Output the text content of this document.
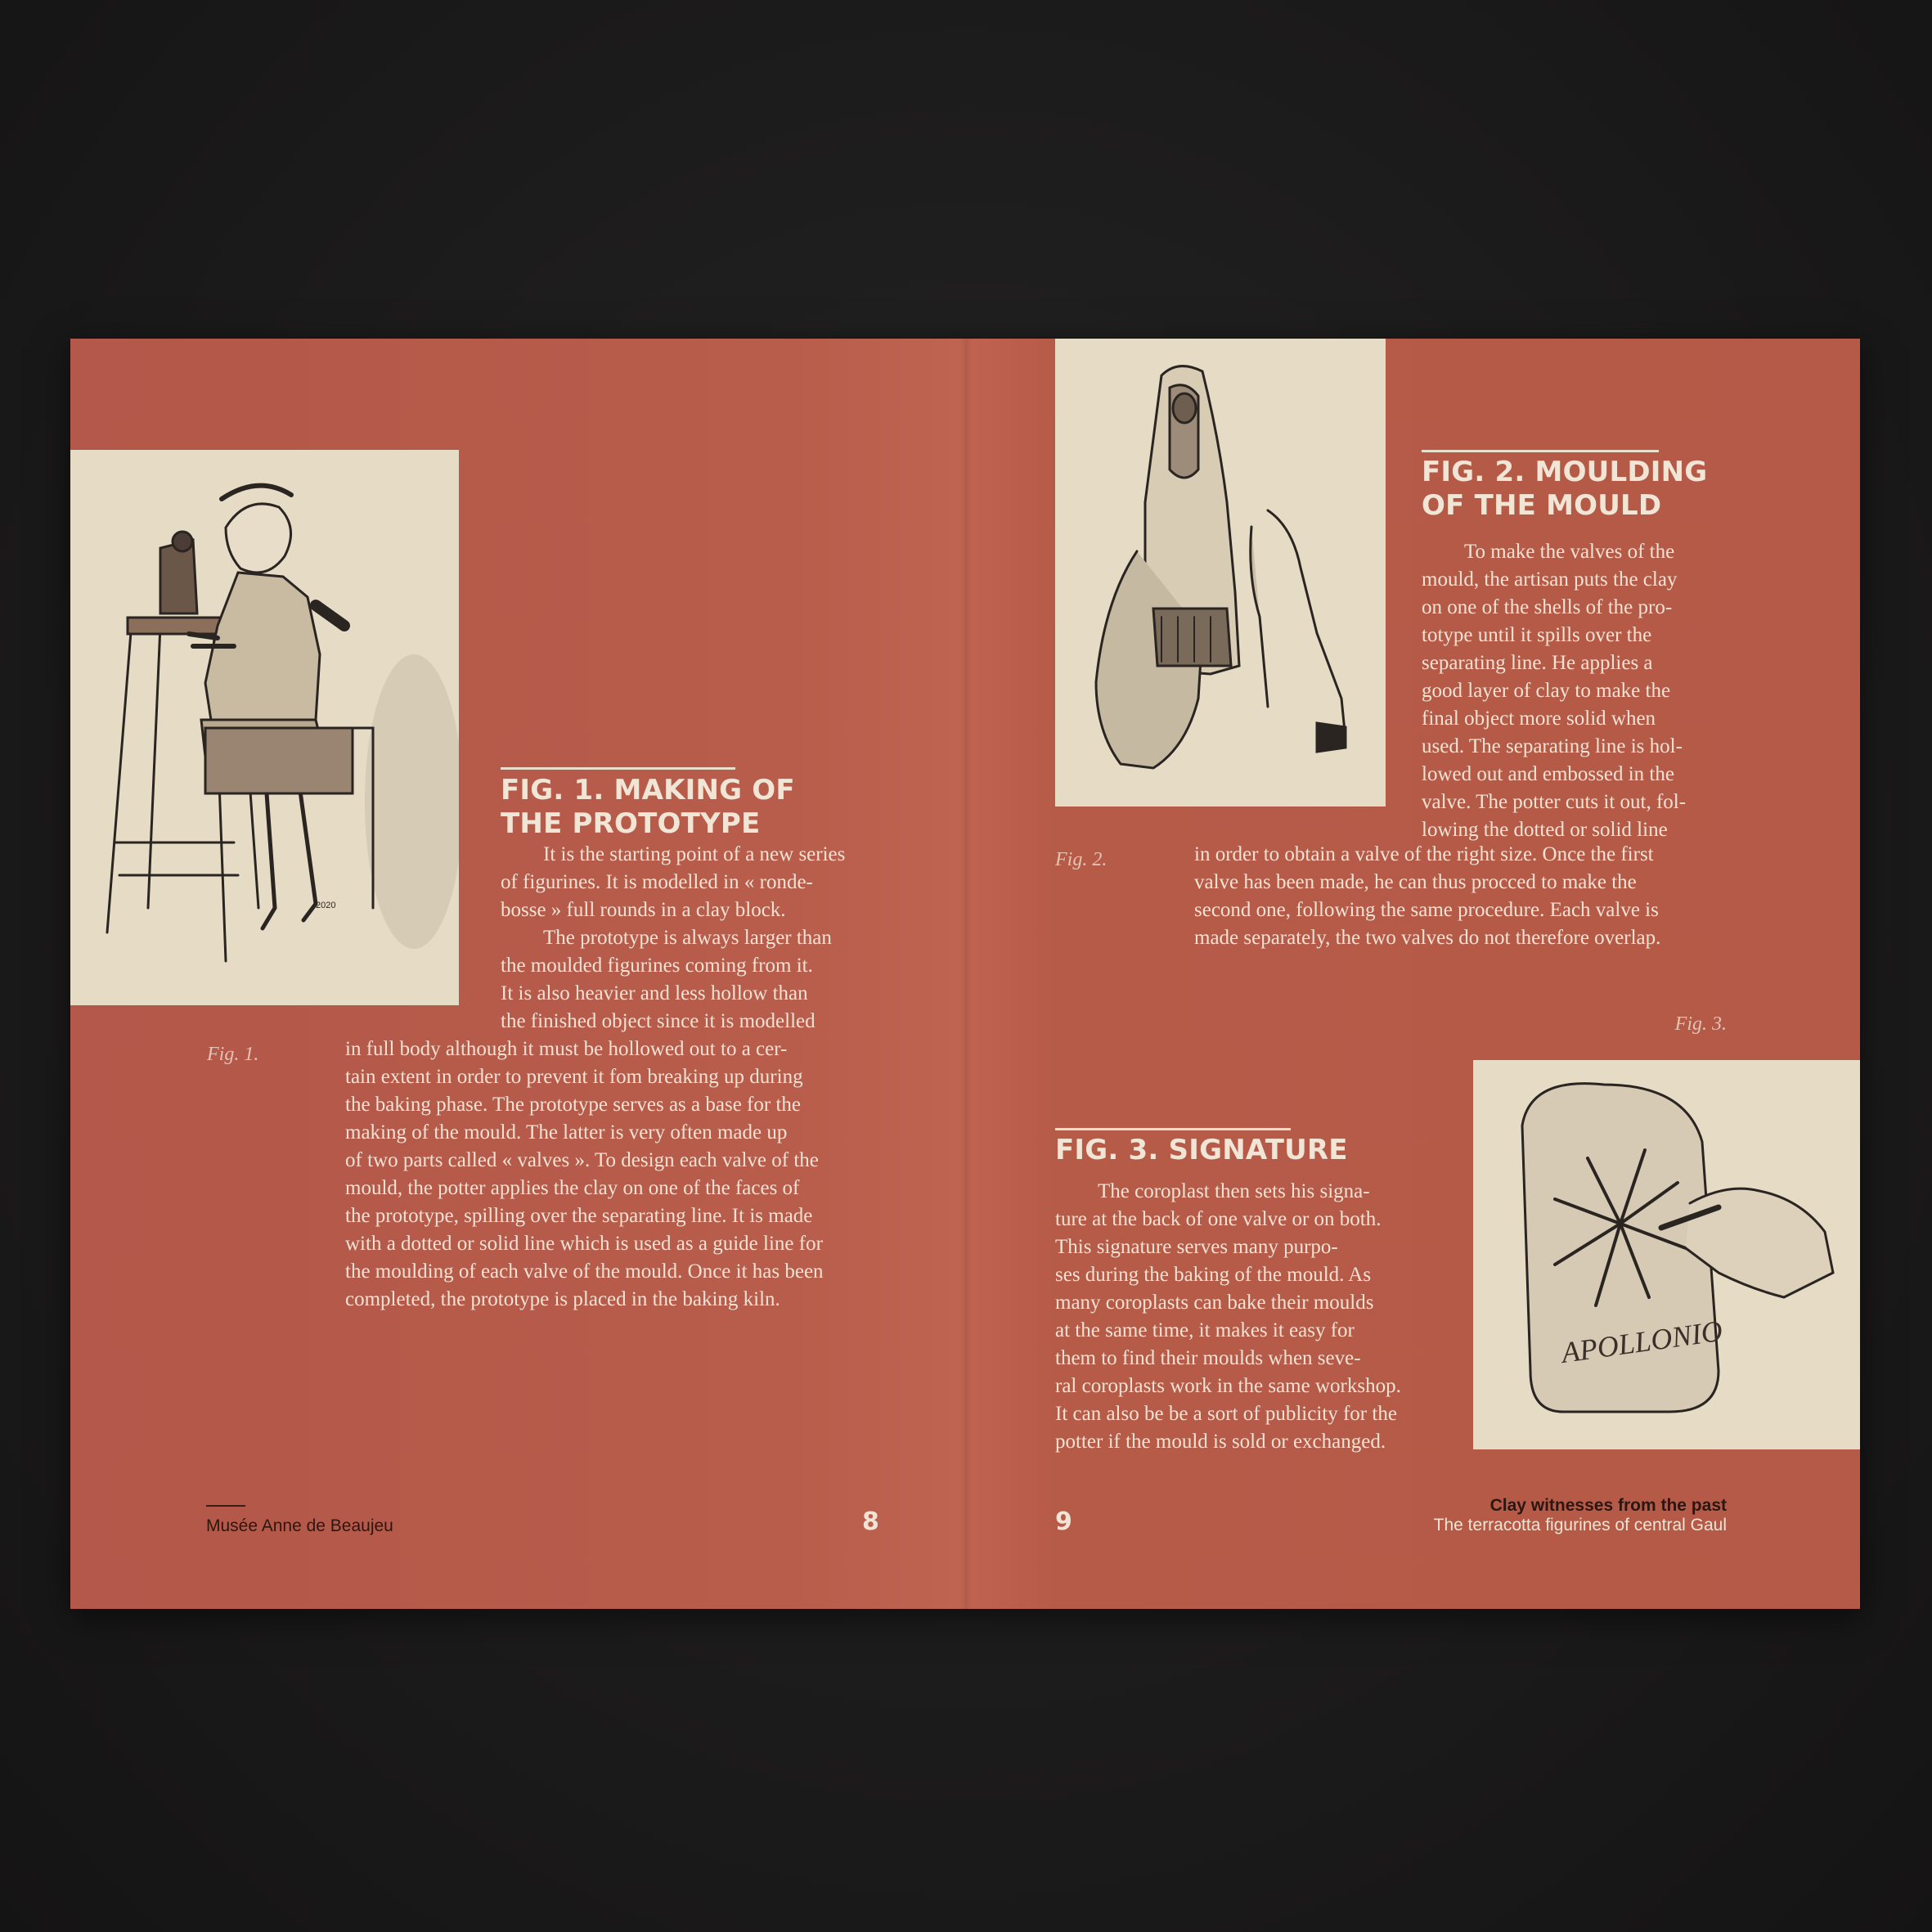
2020
FIG. 1. MAKING OF
THE PROTOTYPE
Fig. 1.
It is the starting point of a new series
of figurines. It is modelled in « ronde-
bosse » full rounds in a clay block.
The prototype is always larger than
the moulded figurines coming from it.
It is also heavier and less hollow than
the finished object since it is modelled
in full body although it must be hollowed out to a cer-
tain extent in order to prevent it fom breaking up during
the baking phase. The prototype serves as a base for the
making of the mould. The latter is very often made up
of two parts called « valves ». To design each valve of the
mould, the potter applies the clay on one of the faces of
the prototype, spilling over the separating line. It is made
with a dotted or solid line which is used as a guide line for
the moulding of each valve of the mould. Once it has been
completed, the prototype is placed in the baking kiln.
Musée Anne de Beaujeu	8
FIG. 2. MOULDING
OF THE MOULD
To make the valves of the
mould, the artisan puts the clay
on one of the shells of the pro-
totype until it spills over the
separating line. He applies a
good layer of clay to make the
final object more solid when
used. The separating line is hol-
lowed out and embossed in the
valve. The potter cuts it out, fol-
lowing the dotted or solid line
Fig. 2.	in order to obtain a valve of the right size. Once the first
valve has been made, he can thus procced to make the
second one, following the same procedure. Each valve is
made separately, the two valves do not therefore overlap.
Fig. 3.
APOLLONIO
FIG. 3. SIGNATURE
The coroplast then sets his signa-
ture at the back of one valve or on both.
This signature serves many purpo-
ses during the baking of the mould. As
many coroplasts can bake their moulds
at the same time, it makes it easy for
them to find their moulds when seve-
ral coroplasts work in the same workshop.
It can also be be a sort of publicity for the
potter if the mould is sold or exchanged.
9
Clay witnesses from the past
The terracotta figurines of central Gaul
